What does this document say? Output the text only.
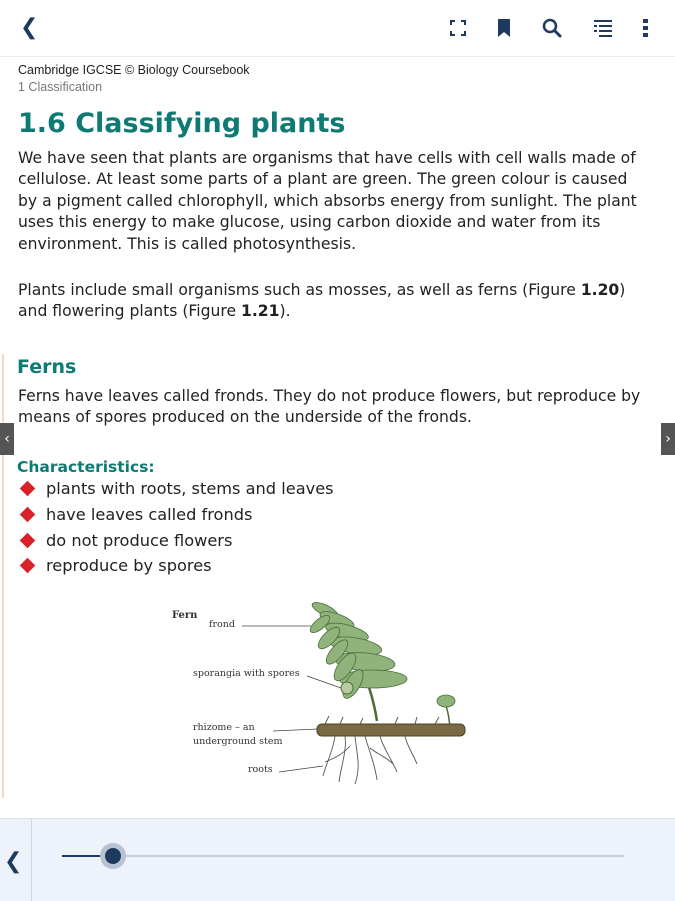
❮
Cambridge IGCSE © Biology Coursebook
1 Classification
1.6 Classifying plants
We have seen that plants are organisms that have cells with cell walls made of cellulose. At least some parts of a plant are green. The green colour is caused by a pigment called chlorophyll, which absorbs energy from sunlight. The plant uses this energy to make glucose, using carbon dioxide and water from its environment. This is called photosynthesis.
Plants include small organisms such as mosses, as well as ferns (Figure 1.20) and flowering plants (Figure 1.21).
Ferns
Ferns have leaves called fronds. They do not produce flowers, but reproduce by means of spores produced on the underside of the fronds.
Characteristics:
plants with roots, stems and leaves
have leaves called fronds
do not produce flowers
reproduce by spores
Fern
frond
sporangia with spores
rhizome – an
underground stem
roots
‹	›
❮
